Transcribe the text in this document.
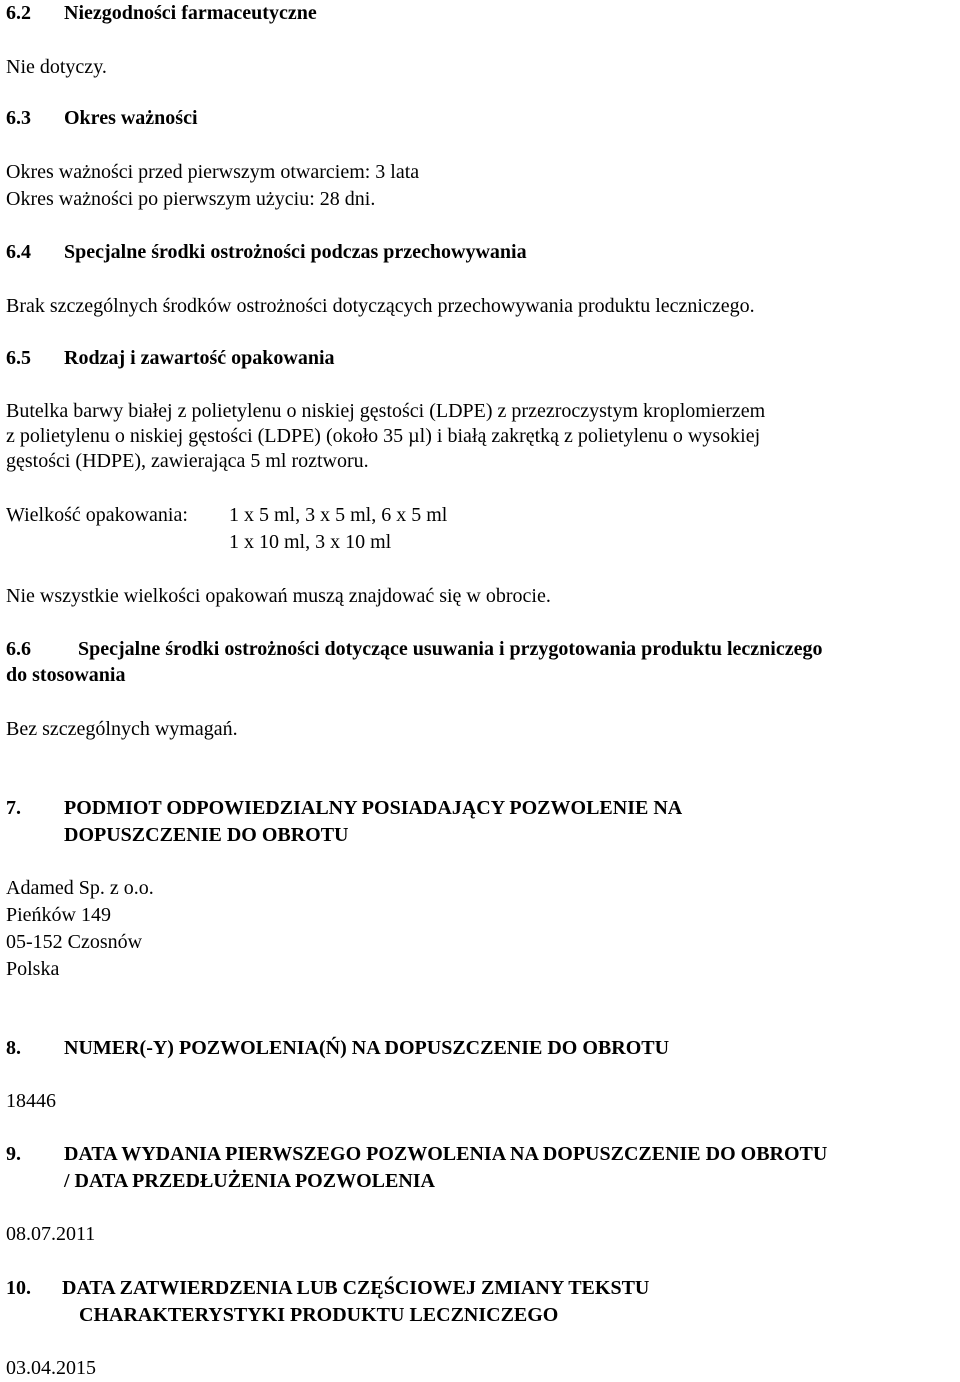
6.2 Niezgodności farmaceutyczne
Nie dotyczy.
6.3 Okres ważności
Okres ważności przed pierwszym otwarciem: 3 lata
Okres ważności po pierwszym użyciu: 28 dni.
6.4 Specjalne środki ostrożności podczas przechowywania
Brak szczególnych środków ostrożności dotyczących przechowywania produktu leczniczego.
6.5 Rodzaj i zawartość opakowania
Butelka barwy białej z polietylenu o niskiej gęstości (LDPE) z przezroczystym kroplomierzem
z polietylenu o niskiej gęstości (LDPE) (około 35 µl) i białą zakrętką z polietylenu o wysokiej
gęstości (HDPE), zawierająca 5 ml roztworu.
Wielkość opakowania: 1 x 5 ml, 3 x 5 ml, 6 x 5 ml
1 x 10 ml, 3 x 10 ml
Nie wszystkie wielkości opakowań muszą znajdować się w obrocie.
6.6 Specjalne środki ostrożności dotyczące usuwania i przygotowania produktu leczniczego
do stosowania
Bez szczególnych wymagań.
7. PODMIOT ODPOWIEDZIALNY POSIADAJĄCY POZWOLENIE NA
DOPUSZCZENIE DO OBROTU
Adamed Sp. z o.o.
Pieńków 149
05-152 Czosnów
Polska
8. NUMER(-Y) POZWOLENIA(Ń) NA DOPUSZCZENIE DO OBROTU
18446
9. DATA WYDANIA PIERWSZEGO POZWOLENIA NA DOPUSZCZENIE DO OBROTU
/ DATA PRZEDŁUŻENIA POZWOLENIA
08.07.2011
10. DATA ZATWIERDZENIA LUB CZĘŚCIOWEJ ZMIANY TEKSTU
CHARAKTERYSTYKI PRODUKTU LECZNICZEGO
03.04.2015
